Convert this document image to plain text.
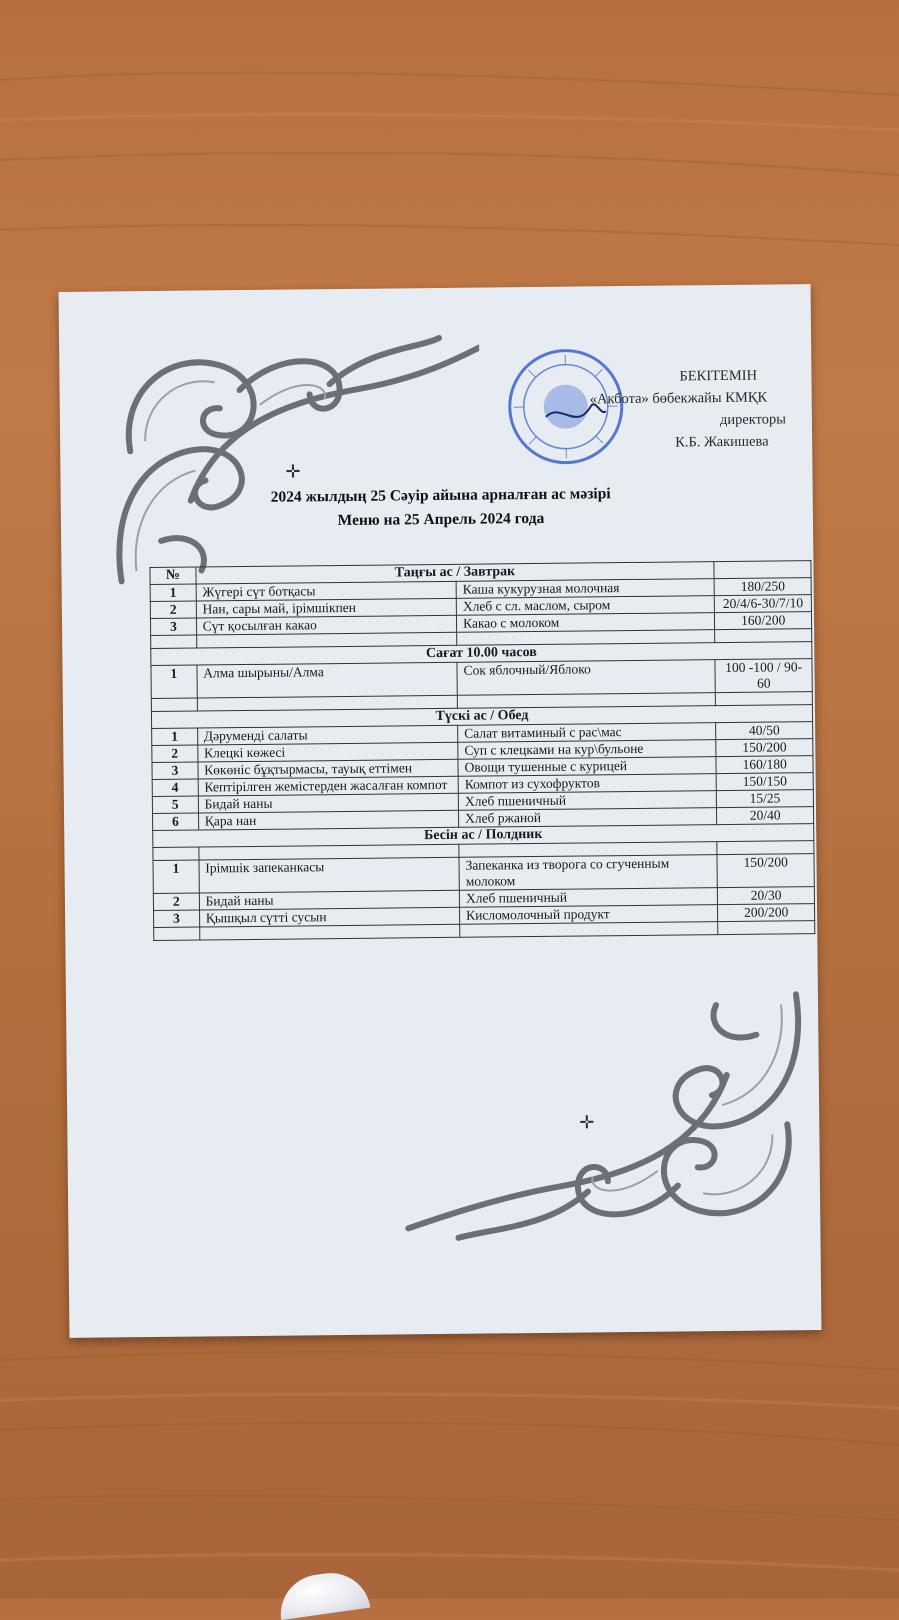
БЕКІТЕМІН
«Акбота» бөбекжайы КМҚК
директоры
К.Б. Жакишева
✛
✛
2024 жылдың 25 Сәуір айына арналған ас мәзірі
Меню на 25 Апрель 2024 года
№	Таңғы ас / Завтрак		
1	Жүгері сүт ботқасы	Каша кукурузная молочная	180/250
2	Нан, сары май, ірімшікпен	Хлеб с сл. маслом, сыром	20/4/6-30/7/10
3	Сүт қосылған какао	Какао с молоком	160/200

Сағат 10.00 часов			
1	Алма шырыны/Алма	Сок яблочный/Яблоко	100 -100 / 90-60

Түскі ас / Обед			
1	Дәруменді салаты	Салат витаминый с рас\мас	40/50
2	Клецкі көжесі	Суп с клецками на кур\бульоне	150/200
3	Көкөніс бұқтырмасы, тауық еттімен	Овощи тушенные с курицей	160/180
4	Кептірілген жемістерден жасалған компот	Компот из сухофруктов	150/150
5	Бидай наны	Хлеб пшеничный	15/25
6	Қара нан	Хлеб ржаной	20/40
Бесін ас / Полдник			

1	Ірімшік запеканкасы	Запеканка из творога со сгученным молоком	150/200
2	Бидай наны	Хлеб пшеничный	20/30
3	Қышқыл сүтті сусын	Кисломолочный продукт	200/200
